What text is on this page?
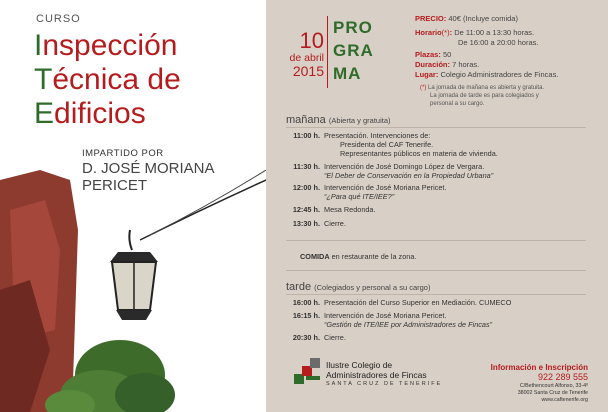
CURSO
Inspección
Técnica de
Edificios
IMPARTIDO POR
D. JOSÉ MORIANA
PERICET
10
de abril
2015
PRO
GRA
MA
PRECIO: 40€ (Incluye comida)
Horario(*): De 11:00 a 13:30 horas.
De 16:00 a 20:00 horas.
Plazas: 50
Duración: 7 horas.
Lugar: Colegio Administradores de Fincas.
(*) La jornada de mañana es abierta y gratuita.
La jornada de tarde es para colegiados y
personal a su cargo.
mañana (Abierta y gratuita)
11:00 h. Presentación. Intervenciones de:
Presidenta del CAF Tenerife.
Representantes públicos en materia de vivienda.
11:30 h. Intervención de José Domingo López de Vergara.
“El Deber de Conservación en la Propiedad Urbana”
12:00 h. Intervención de José Moriana Pericet.
“¿Para qué ITE/IEE?”
12:45 h. Mesa Redonda.
13:30 h. Cierre.
COMIDA en restaurante de la zona.
tarde (Colegiados y personal a su cargo)
16:00 h. Presentación del Curso Superior en Mediación. CUMECO
16:15 h. Intervención de José Moriana Pericet.
“Gestión de ITE/IEE por Administradores de Fincas”
20:30 h. Cierre.
Ilustre Colegio de
Administradores de Fincas
SANTA CRUZ DE TENERIFE
Información e Inscripción
922 289 555
C/Bethencourt Alfonso, 33-4º
38002 Santa Cruz de Tenerife
www.caftenerife.org
